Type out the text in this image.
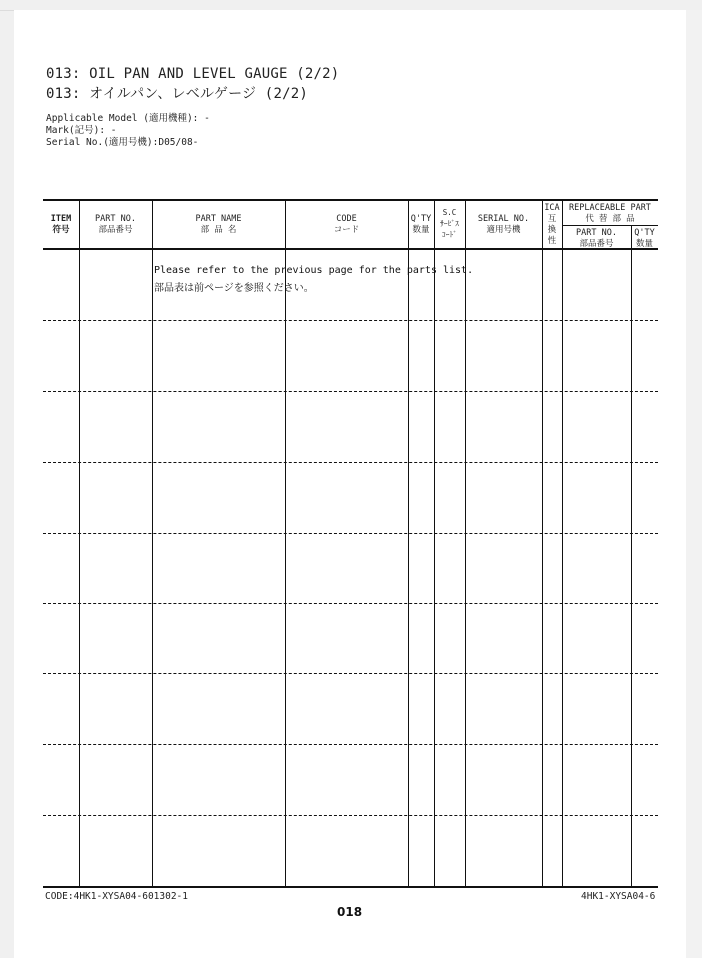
013: OIL PAN AND LEVEL GAUGE (2/2)
013: オイルパン、レベルゲージ (2/2)
Applicable Model (適用機種): -
Mark(記号): -
Serial No.(適用号機):D05/08-
ITEM
符号
PART NO.
部品番号
PART NAME
部 品 名
CODE
コード
Q'TY
数量
S.C
ｻｰﾋﾞｽ
ｺｰﾄﾞ
SERIAL NO.
適用号機
ICA
互
換
性
REPLACEABLE PART
代 替 部 品
PART NO.
部品番号
Q'TY
数量
Please refer to the previous page for the parts list.
部品表は前ページを参照ください。
CODE:4HK1-XYSA04-601302-1
018
4HK1-XYSA04-6
